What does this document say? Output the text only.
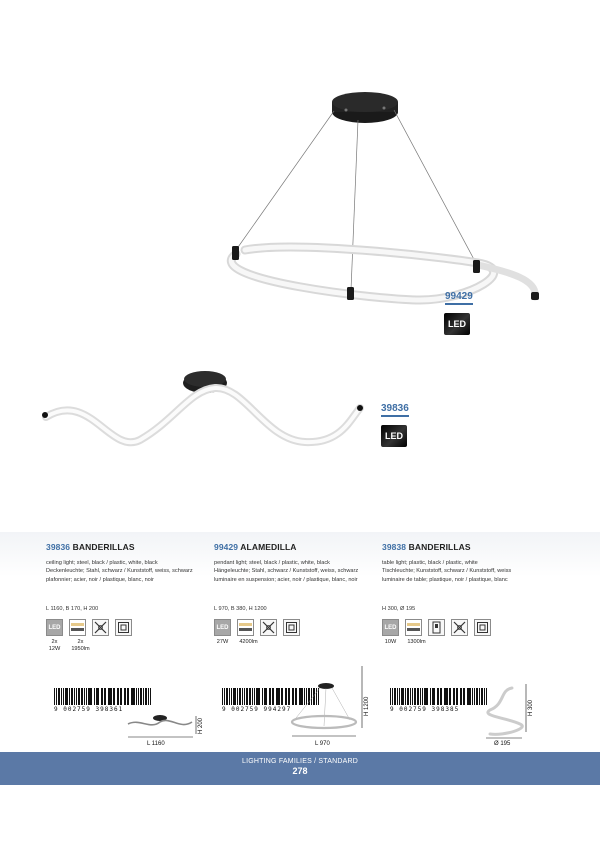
99429
LED
39836
LED
39836 BANDERILLAS
ceiling light; steel, black / plastic, white, black
Deckenleuchte; Stahl, schwarz / Kunststoff, weiss, schwarz
plafonnier; acier, noir / plastique, blanc, noir
L 1160, B 170, H 200
LED
2x 12W
2x
1950lm
99429 ALAMEDILLA
pendant light; steel, black / plastic, white, black
Hängeleuchte; Stahl, schwarz / Kunststoff, weiss, schwarz
luminaire en suspension; acier, noir / plastique, blanc, noir
L 970, B 380, H 1200
LED
27W	4200lm
39838 BANDERILLAS
table light; plastic, black / plastic, white
Tischleuchte; Kunststoff, schwarz / Kunststoff, weiss
luminaire de table; plastique, noir / plastique, blanc
H 300, Ø 195
LED
10W	1300lm
9 002759 398361	9 002759 994297	9 002759 398385
L 1160
H 200
L 970
H 1200
Ø 195
H 300
LIGHTING FAMILIES / STANDARD
278
